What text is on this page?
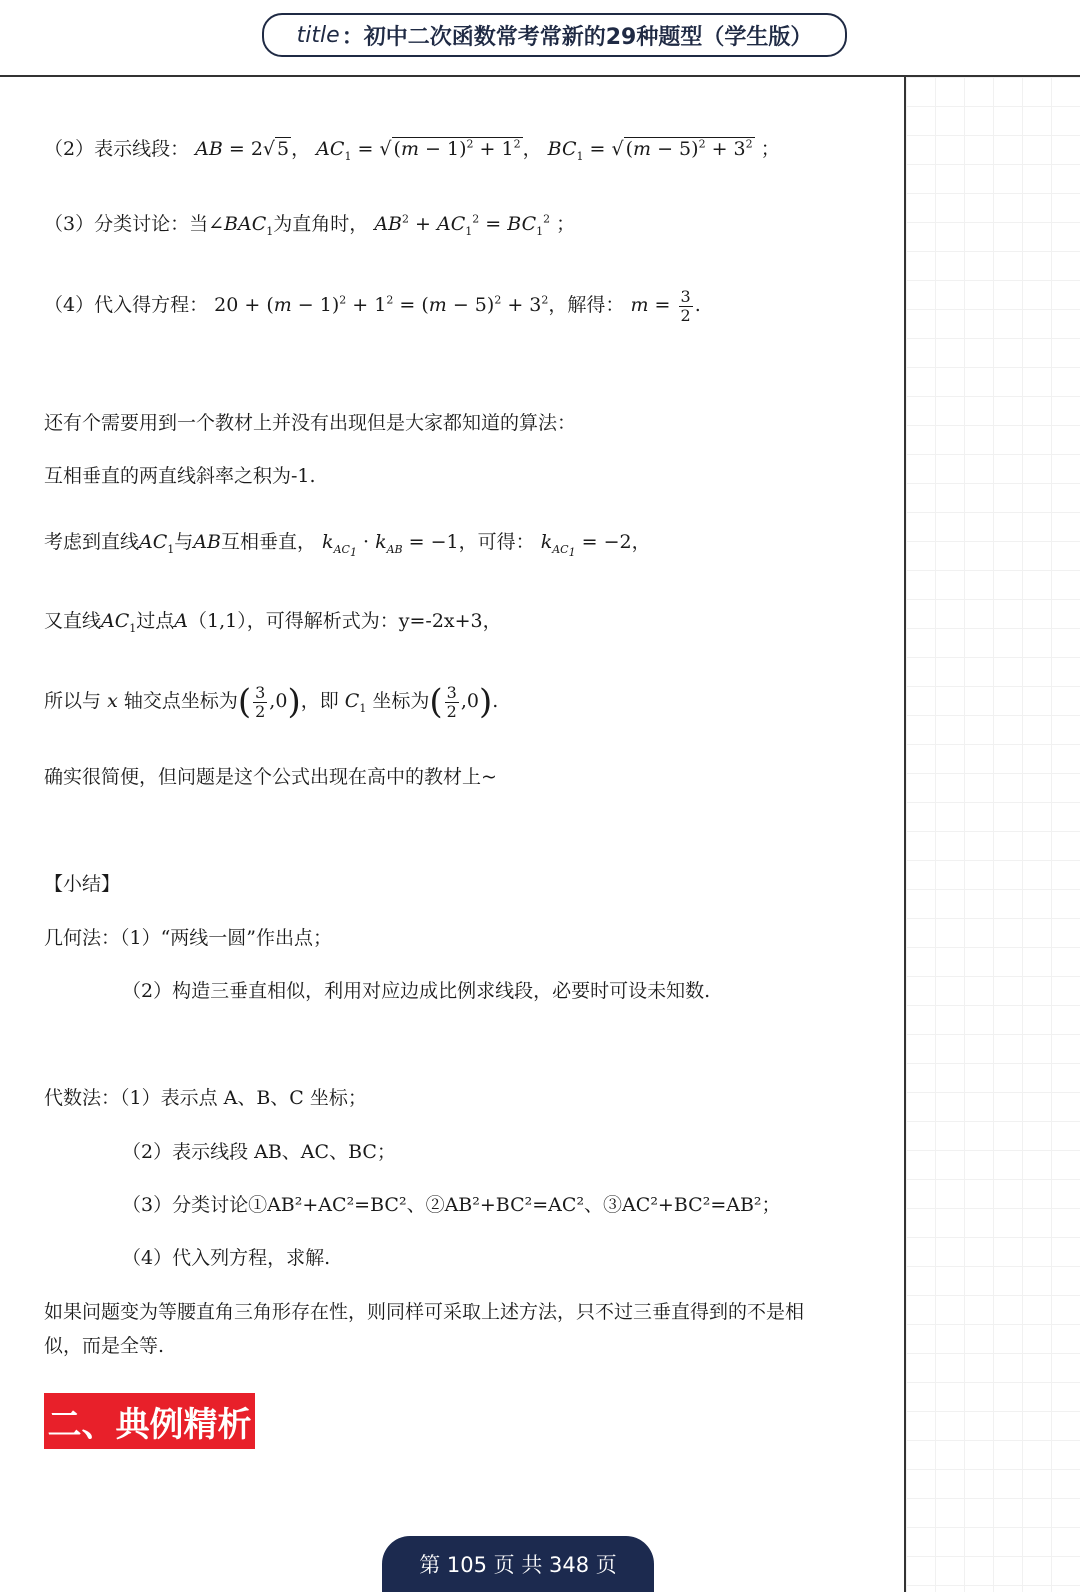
title ： 初中二次函数常考常新的29种题型（学生版）
（2）表示线段： AB = 2√ 5 ， $AC_1$ = √ $(m - 1)^2 + 1^2$ ， $BC_1$ = √ $(m - 5)^2 + 3^2$ ；
（3）分类讨论：当$\angle BAC_1$为直角时， $AB^2 + AC_1^2 = BC_1^2$ ；
（4）代入得方程： $20 + (m - 1)^2 + 1^2 = (m - 5)^2 + 3^2$，解得： $m = \frac{3}{2}$ .
还有个需要用到一个教材上并没有出现但是大家都知道的算法：
互相垂直的两直线斜率之积为-1.
考虑到直线$AC_1$与AB互相垂直， $k_{AC_1} \cdot k_{AB} = -1$，可得： $k_{AC_1} = -2$，
又直线$AC_1$过点A（1,1），可得解析式为：y=-2x+3，
所以与 x 轴交点坐标为( $\frac{3}{2} ,0$)，即 $C_1$ 坐标为( $\frac{3}{2} ,0$).
确实很简便，但问题是这个公式出现在高中的教材上~
【小结】
几何法：（1）“两线一圆”作出点；
（2）构造三垂直相似，利用对应边成比例求线段，必要时可设未知数.
代数法：（1）表示点 A、B、C 坐标；
（2）表示线段 AB、AC、BC；
（3）分类讨论①AB²+AC²=BC²、②AB²+BC²=AC²、③AC²+BC²=AB²；
（4）代入列方程，求解.
如果问题变为等腰直角三角形存在性，则同样可采取上述方法，只不过三垂直得到的不是相
似，而是全等.
二、典例精析
第 105 页 共 348 页
